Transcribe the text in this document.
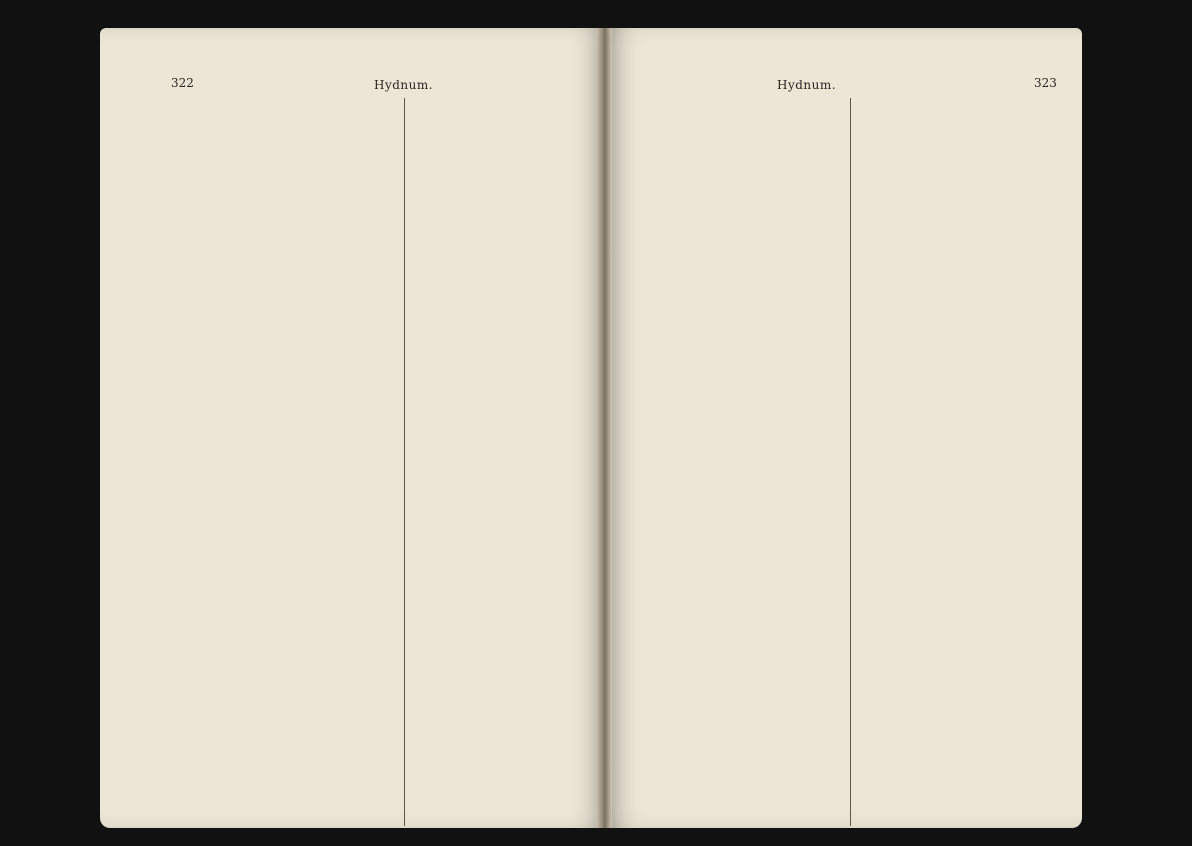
322	Hydnum.	Hydnum.	323
